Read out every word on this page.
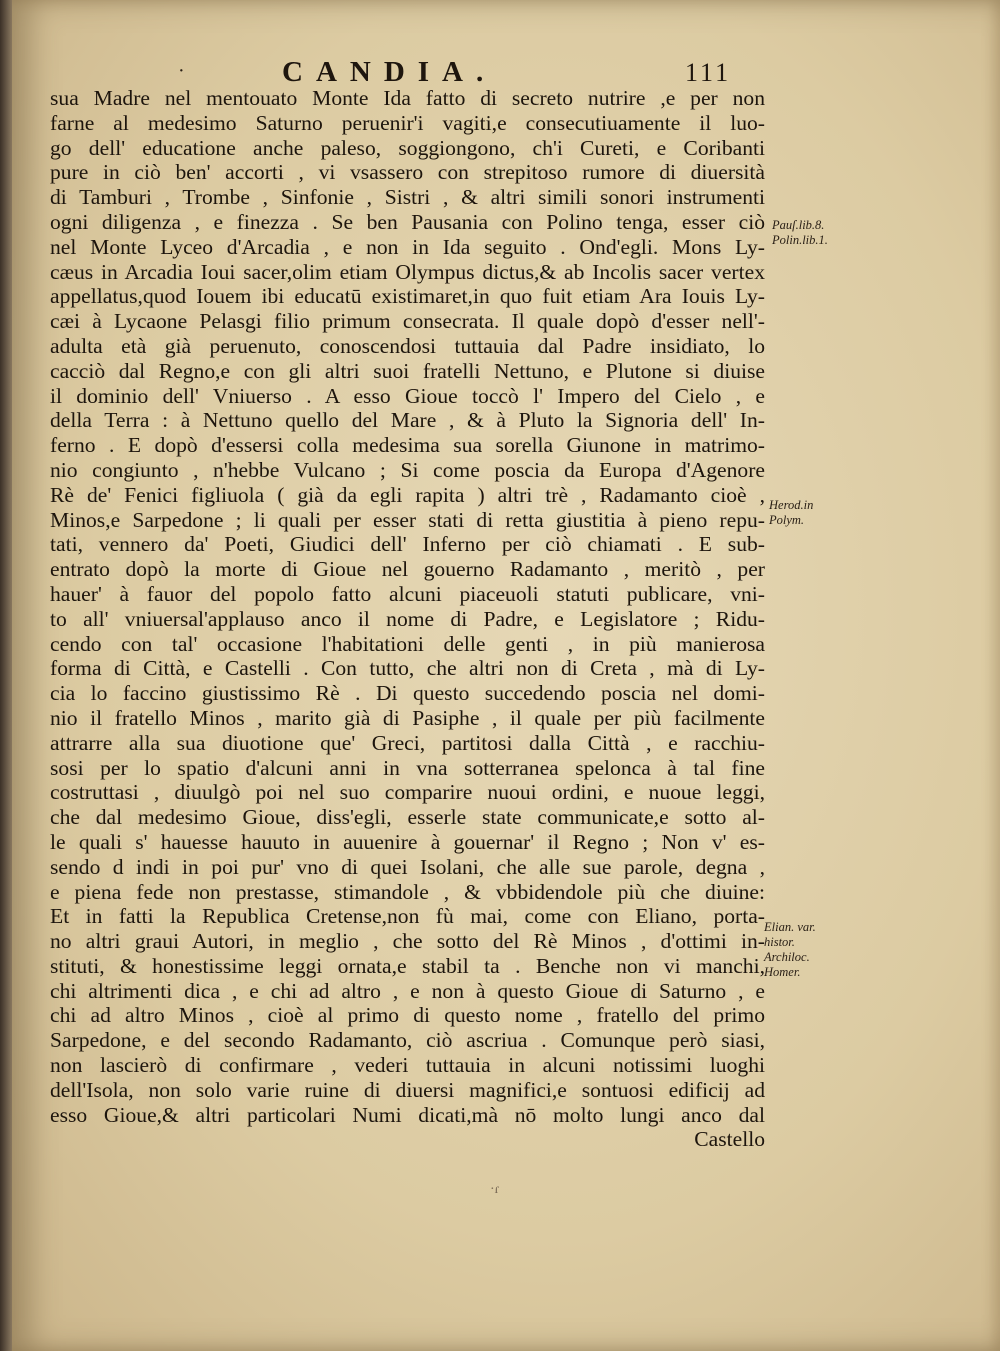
·	CANDIA.	111
sua Madre nel mentouato Monte Ida fatto di secreto nutrire ,e per non
farne al medesimo Saturno peruenir'i vagiti,e consecutiuamente il luo-
go dell' educatione anche paleso, soggiongono, ch'i Cureti, e Coribanti
pure in ciò ben' accorti , vi vsassero con strepitoso rumore di diuersità
di Tamburi , Trombe , Sinfonie , Sistri , & altri simili sonori instrumenti
ogni diligenza , e finezza . Se ben Pausania con Polino tenga, esser ciò
nel Monte Lyceo d'Arcadia , e non in Ida seguito . Ond'egli. Mons Ly-
cæus in Arcadia Ioui sacer,olim etiam Olympus dictus,& ab Incolis sacer vertex
appellatus,quod Iouem ibi educatū existimaret,in quo fuit etiam Ara Iouis Ly-
cæi à Lycaone Pelasgi filio primum consecrata. Il quale dopò d'esser nell'-
adulta età già peruenuto, conoscendosi tuttauia dal Padre insidiato, lo
cacciò dal Regno,e con gli altri suoi fratelli Nettuno, e Plutone si diuise
il dominio dell' Vniuerso . A esso Gioue toccò l' Impero del Cielo , e
della Terra : à Nettuno quello del Mare , & à Pluto la Signoria dell' In-
ferno . E dopò d'essersi colla medesima sua sorella Giunone in matrimo-
nio congiunto , n'hebbe Vulcano ; Si come poscia da Europa d'Agenore
Rè de' Fenici figliuola ( già da egli rapita ) altri trè , Radamanto cioè ,
Minos,e Sarpedone ; li quali per esser stati di retta giustitia à pieno repu-
tati, vennero da' Poeti, Giudici dell' Inferno per ciò chiamati . E sub-
entrato dopò la morte di Gioue nel gouerno Radamanto , meritò , per
hauer' à fauor del popolo fatto alcuni piaceuoli statuti publicare, vni-
to all' vniuersal'applauso anco il nome di Padre, e Legislatore ; Ridu-
cendo con tal' occasione l'habitationi delle genti , in più manierosa
forma di Città, e Castelli . Con tutto, che altri non di Creta , mà di Ly-
cia lo faccino giustissimo Rè . Di questo succedendo poscia nel domi-
nio il fratello Minos , marito già di Pasiphe , il quale per più facilmente
attrarre alla sua diuotione que' Greci, partitosi dalla Città , e racchiu-
sosi per lo spatio d'alcuni anni in vna sotterranea spelonca à tal fine
costruttasi , diuulgò poi nel suo comparire nuoui ordini, e nuoue leggi,
che dal medesimo Gioue, diss'egli, esserle state communicate,e sotto al-
le quali s' hauesse hauuto in auuenire à gouernar' il Regno ; Non v' es-
sendo d indi in poi pur' vno di quei Isolani, che alle sue parole, degna ,
e piena fede non prestasse, stimandole , & vbbidendole più che diuine:
Et in fatti la Republica Cretense,non fù mai, come con Eliano, porta-
no altri graui Autori, in meglio , che sotto del Rè Minos , d'ottimi in-
stituti, & honestissime leggi ornata,e stabil ta . Benche non vi manchi,
chi altrimenti dica , e chi ad altro , e non à questo Gioue di Saturno , e
chi ad altro Minos , cioè al primo di questo nome , fratello del primo
Sarpedone, e del secondo Radamanto, ciò ascriua . Comunque però siasi,
non lascierò di confirmare , vederi tuttauia in alcuni notissimi luoghi
dell'Isola, non solo varie ruine di diuersi magnifici,e sontuosi edificij ad
esso Gioue,& altri particolari Numi dicati,mà nō molto lungi anco dal
Castello
Pauſ.lib.8.
Polin.lib.1.
Herod.in
Polym.
Elian. var.
histor.
Archiloc.
Homer.
·ɾ
